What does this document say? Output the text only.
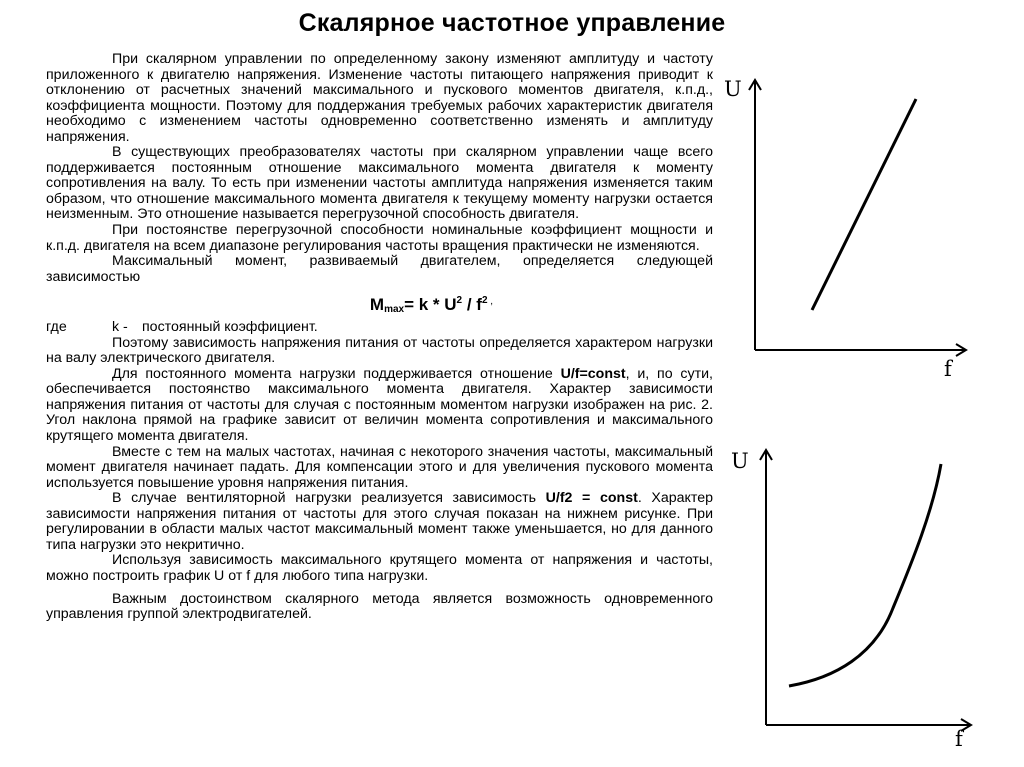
Скалярное частотное управление

При скалярном управлении по определенному закону изменяют амплитуду и частоту приложенного к двигателю напряжения. Изменение частоты питающего напряжения приводит к отклонению от расчетных значений максимального и пускового моментов двигателя, к.п.д., коэффициента мощности. Поэтому для поддержания требуемых рабочих характеристик двигателя необходимо с изменением частоты одновременно соответственно изменять и амплитуду напряжения.

В существующих преобразователях частоты при скалярном управлении чаще всего поддерживается постоянным отношение максимального момента двигателя к моменту сопротивления на валу. То есть при изменении частоты амплитуда напряжения изменяется таким образом, что отношение максимального момента двигателя к текущему моменту нагрузки остается неизменным. Это отношение называется перегрузочной способность двигателя.

При постоянстве перегрузочной способности номинальные коэффициент мощности и к.п.д. двигателя на всем диапазоне регулирования частоты вращения практически не изменяются.

Максимальный момент, развиваемый двигателем, определяется следующей зависимостью

$M_{max}= k * U^2 / f^2$ ,
где	k -	постоянный коэффициент.

Поэтому зависимость напряжения питания от частоты определяется характером нагрузки на валу электрического двигателя.

Для постоянного момента нагрузки поддерживается отношение U/f=const, и, по сути, обеспечивается постоянство максимального момента двигателя. Характер зависимости напряжения питания от частоты для случая с постоянным моментом нагрузки изображен на рис. 2. Угол наклона прямой на графике зависит от величин момента сопротивления и максимального крутящего момента двигателя.

Вместе с тем на малых частотах, начиная с некоторого значения частоты, максимальный момент двигателя начинает падать. Для компенсации этого и для увеличения пускового момента используется повышение уровня напряжения питания.

В случае вентиляторной нагрузки реализуется зависимость U/f2 = const. Характер зависимости напряжения питания от частоты для этого случая показан на нижнем рисунке. При регулировании в области малых частот максимальный момент также уменьшается, но для данного типа нагрузки это некритично.

Используя зависимость максимального крутящего момента от напряжения и частоты, можно построить график U от f для любого типа нагрузки.

Важным достоинством скалярного метода является возможность одновременного управления группой электродвигателей.

U
f
U
f
